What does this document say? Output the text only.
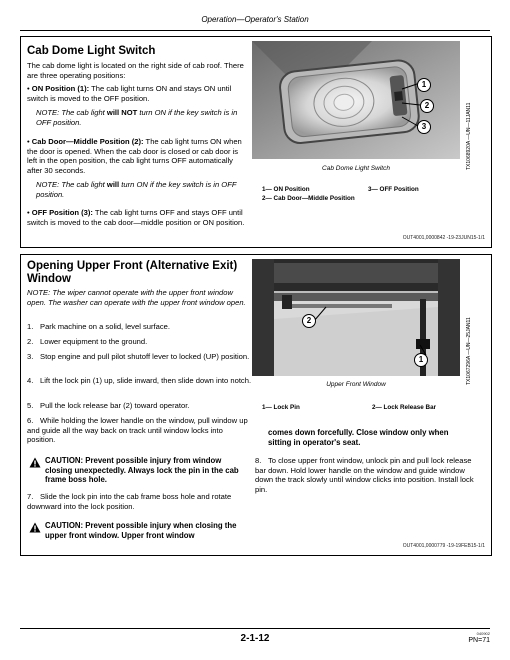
Operation—Operator's Station
Cab Dome Light Switch
The cab dome light is located on the right side of cab roof. There are three operating positions:
• ON Position (1): The cab light turns ON and stays ON until switch is moved to the OFF position.
NOTE: The cab light will NOT turn ON if the key switch is in OFF position.
• Cab Door—Middle Position (2): The cab light turns ON when the door is opened. When the cab door is closed or cab door is left in the open position, the cab light turns OFF automatically after 30 seconds.
NOTE: The cab light will turn ON if the key switch is in OFF position.
• OFF Position (3): The cab light turns OFF and stays OFF until switch is moved to the cab door—middle position or ON position.
1
2
3	TX1068920A —UN—11JAN11
Cab Dome Light Switch
1— ON Position	3— OFF Position
2— Cab Door—Middle Position
OUT4001,0000842 -19-23JUN15-1/1
Opening Upper Front (Alternative Exit) Window
NOTE: The wiper cannot operate with the upper front window open. The washer can operate with the upper front window open.
1. Park machine on a solid, level surface.
2. Lower equipment to the ground.
3. Stop engine and pull pilot shutoff lever to locked (UP) position.
4. Lift the lock pin (1) up, slide inward, then slide down into notch.
5. Pull the lock release bar (2) toward operator.
6. While holding the lower handle on the window, pull window up and guide all the way back on track until window locks into position.
CAUTION: Prevent possible injury from window closing unexpectedly. Always lock the pin in the cab frame boss hole.
7. Slide the lock pin into the cab frame boss hole and rotate downward into the lock position.
CAUTION: Prevent possible injury when closing the upper front window. Upper front window
2
1	TX1067296A —UN—25JAN11
Upper Front Window
1— Lock Pin	2— Lock Release Bar
comes down forcefully. Close window only when sitting in operator's seat.
8. To close upper front window, unlock pin and pull lock release bar down. Hold lower handle on the window and guide window down the track slowly until window clicks into position. Install lock pin.
OUT4001,0000779 -19-19FEB15-1/1
2-1-12	040902
PN=71
